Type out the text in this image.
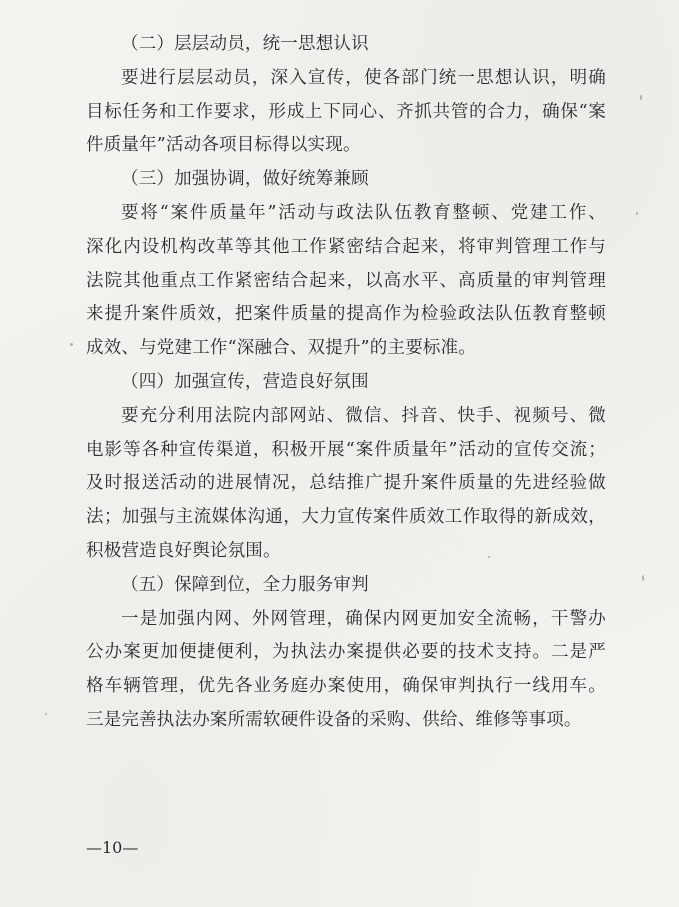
（二）层层动员，统一思想认识
要进行层层动员，深入宣传，使各部门统一思想认识，明确
目标任务和工作要求，形成上下同心、齐抓共管的合力，确保“案
件质量年”活动各项目标得以实现。
（三）加强协调，做好统筹兼顾
要将“案件质量年”活动与政法队伍教育整顿、党建工作、
深化内设机构改革等其他工作紧密结合起来，将审判管理工作与
法院其他重点工作紧密结合起来，以高水平、高质量的审判管理
来提升案件质效，把案件质量的提高作为检验政法队伍教育整顿
成效、与党建工作“深融合、双提升”的主要标准。
（四）加强宣传，营造良好氛围
要充分利用法院内部网站、微信、抖音、快手、视频号、微
电影等各种宣传渠道，积极开展“案件质量年”活动的宣传交流；
及时报送活动的进展情况，总结推广提升案件质量的先进经验做
法；加强与主流媒体沟通，大力宣传案件质效工作取得的新成效，
积极营造良好舆论氛围。
（五）保障到位，全力服务审判
一是加强内网、外网管理，确保内网更加安全流畅，干警办
公办案更加便捷便利，为执法办案提供必要的技术支持。二是严
格车辆管理，优先各业务庭办案使用，确保审判执行一线用车。
三是完善执法办案所需软硬件设备的采购、供给、维修等事项。
—10—
